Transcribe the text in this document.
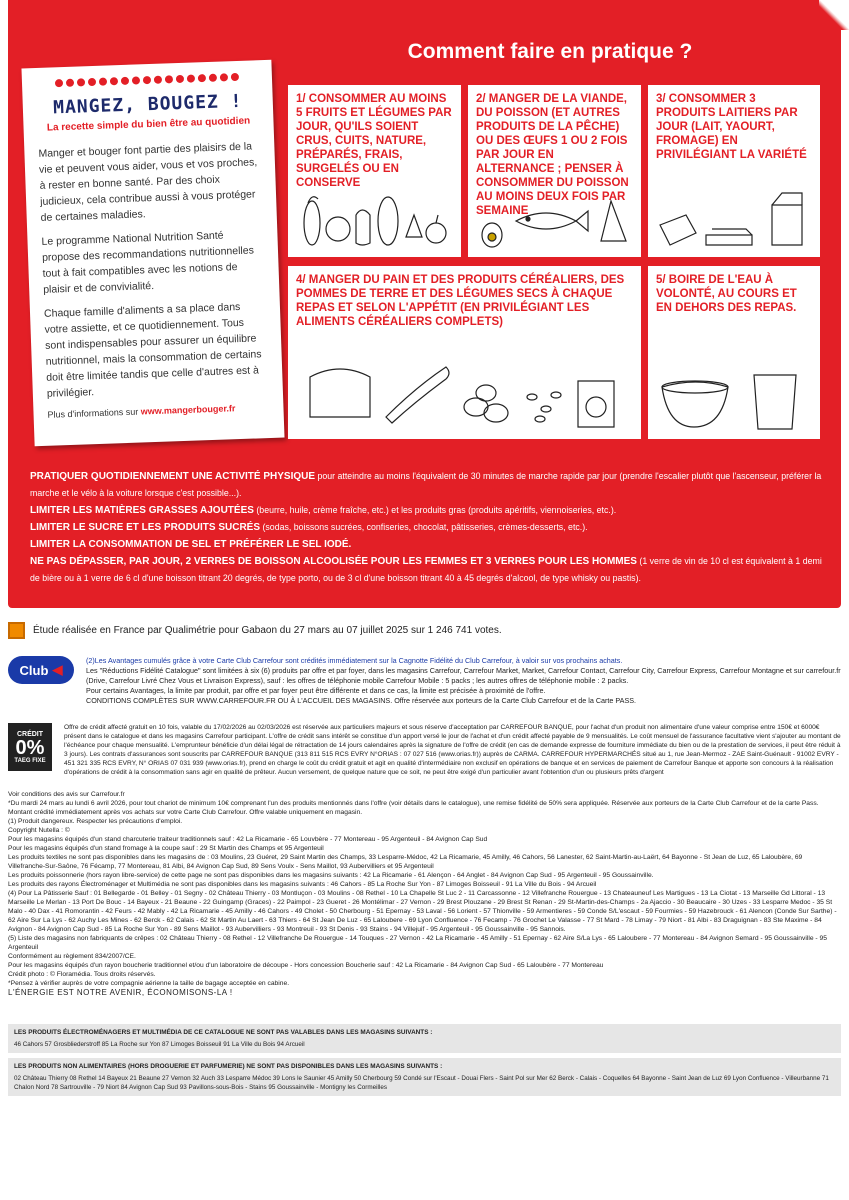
Comment faire en pratique ?
MANGEZ, BOUGEZ !
La recette simple du bien être au quotidien

Manger et bouger font partie des plaisirs de la vie et peuvent vous aider, vous et vos proches, à rester en bonne santé. Par des choix judicieux, cela contribue aussi à vous protéger de certaines maladies.

Le programme National Nutrition Santé propose des recommandations nutritionnelles tout à fait compatibles avec les notions de plaisir et de convivialité.

Chaque famille d'aliments a sa place dans votre assiette, et ce quotidiennement. Tous sont indispensables pour assurer un équilibre nutritionnel, mais la consommation de certains doit être limitée tandis que celle d'autres est à privilégier.

Plus d'informations sur www.mangerbouger.fr
1/ CONSOMMER AU MOINS 5 FRUITS ET LÉGUMES PAR JOUR, QU'ILS SOIENT CRUS, CUITS, NATURE, PRÉPARÉS, FRAIS, SURGELÉS OU EN CONSERVE
2/ MANGER DE LA VIANDE, DU POISSON (ET AUTRES PRODUITS DE LA PÊCHE) OU DES ŒUFS 1 OU 2 FOIS PAR JOUR EN ALTERNANCE ; PENSER À CONSOMMER DU POISSON AU MOINS DEUX FOIS PAR SEMAINE
3/ CONSOMMER 3 PRODUITS LAITIERS PAR JOUR (LAIT, YAOURT, FROMAGE) EN PRIVILÉGIANT LA VARIÉTÉ
4/ MANGER DU PAIN ET DES PRODUITS CÉRÉALIERS, DES POMMES DE TERRE ET DES LÉGUMES SECS À CHAQUE REPAS ET SELON L'APPÉTIT (EN PRIVILÉGIANT LES ALIMENTS CÉRÉALIERS COMPLETS)
5/ BOIRE DE L'EAU À VOLONTÉ, AU COURS ET EN DEHORS DES REPAS.
PRATIQUER QUOTIDIENNEMENT UNE ACTIVITÉ PHYSIQUE pour atteindre au moins l'équivalent de 30 minutes de marche rapide par jour (prendre l'escalier plutôt que l'ascenseur, préférer la marche et le vélo à la voiture lorsque c'est possible...).
LIMITER LES MATIÈRES GRASSES AJOUTÉES (beurre, huile, crème fraîche, etc.) et les produits gras (produits apéritifs, viennoiseries, etc.).
LIMITER LE SUCRE ET LES PRODUITS SUCRÉS (sodas, boissons sucrées, confiseries, chocolat, pâtisseries, crèmes-desserts, etc.).
LIMITER LA CONSOMMATION DE SEL ET PRÉFÉRER LE SEL IODÉ.
NE PAS DÉPASSER, PAR JOUR, 2 VERRES DE BOISSON ALCOOLISÉE POUR LES FEMMES ET 3 VERRES POUR LES HOMMES (1 verre de vin de 10 cl est équivalent à 1 demi de bière ou à 1 verre de 6 cl d'une boisson titrant 20 degrés, de type porto, ou de 3 cl d'une boisson titrant 40 à 45 degrés d'alcool, de type whisky ou pastis).
Étude réalisée en France par Qualimétrie pour Gabaon du 27 mars au 07 juillet 2025 sur 1 246 741 votes.
Club ◀
(2)Les Avantages cumulés grâce à votre Carte Club Carrefour sont crédités immédiatement sur la Cagnotte Fidélité du Club Carrefour, à valoir sur vos prochains achats.
Les "Réductions Fidélité Catalogue" sont limitées à six (6) produits par offre et par foyer, dans les magasins Carrefour, Carrefour Market, Market, Carrefour Contact, Carrefour City, Carrefour Express, Carrefour Montagne et sur carrefour.fr (Drive, Carrefour Livré Chez Vous et Livraison Express), sauf : les offres de téléphonie mobile Carrefour Mobile : 5 packs ; les autres offres de téléphonie mobile : 2 packs.
Pour certains Avantages, la limite par produit, par offre et par foyer peut être différente et dans ce cas, la limite est précisée à proximité de l'offre.
CONDITIONS COMPLÈTES SUR WWW.CARREFOUR.FR OU À L'ACCUEIL DES MAGASINS. Offre réservée aux porteurs de la Carte Club Carrefour et de la Carte PASS.
CRÉDIT
0%
TAEG FIXE
Offre de crédit affecté gratuit en 10 fois, valable du 17/02/2026 au 02/03/2026 est réservée aux particuliers majeurs et sous réserve d'acceptation par CARREFOUR BANQUE, pour l'achat d'un produit non alimentaire d'une valeur comprise entre 150€ et 6000€ présent dans le catalogue et dans les magasins Carrefour participant. L'offre de crédit sans intérêt se constitue d'un apport versé le jour de l'achat et d'un crédit affecté payable de 9 mensualités. Le coût mensuel de l'assurance facultative vient s'ajouter au montant de l'échéance pour chaque mensualité. L'emprunteur bénéficie d'un délai légal de rétractation de 14 jours calendaires après la signature de l'offre de crédit (en cas de demande expresse de fourniture immédiate du bien ou de la prestation de services, il peut être réduit à 3 jours). Les contrats d'assurances sont souscrits par CARREFOUR BANQUE (313 811 515 RCS EVRY N°ORIAS : 07 027 516 (www.orias.fr)) auprès de CARMA. CARREFOUR HYPERMARCHÉS situé au 1, rue Jean-Mermoz - ZAE Saint-Guénault - 91002 EVRY - 451 321 335 RCS EVRY, N° ORIAS 07 031 939 (www.orias.fr), prend en charge le coût du crédit gratuit et agit en qualité d'intermédiaire non exclusif en opérations de banque et en services de paiement de Carrefour Banque et apporte son concours à la réalisation d'opérations de crédit à la consommation sans agir en qualité de prêteur. Aucun versement, de quelque nature que ce soit, ne peut être exigé d'un particulier avant l'obtention d'un ou plusieurs prêts d'argent
Voir conditions des avis sur Carrefour.fr
*Du mardi 24 mars au lundi 6 avril 2026, pour tout chariot de minimum 10€ comprenant l'un des produits mentionnés dans l'offre (voir détails dans le catalogue), une remise fidélité de 50% sera appliquée. Réservée aux porteurs de la Carte Club Carrefour et de la carte Pass. Montant crédité immédiatement après vos achats sur votre Carte Club Carrefour. Offre valable uniquement en magasin.
(1) Produit dangereux. Respecter les précautions d'emploi.
Copyright Nutella : ©
Pour les magasins équipés d'un stand charcuterie traiteur traditionnels sauf : 42 La Ricamarie - 65 Louvbère - 77 Montereau - 95 Argenteuil - 84 Avignon Cap Sud
Pour les magasins équipés d'un stand fromage à la coupe sauf : 29 St Martin des Champs et 95 Argenteuil
Les produits textiles ne sont pas disponibles dans les magasins de : 03 Moulins, 23 Guéret, 29 Saint Martin des Champs, 33 Lesparre-Médoc, 42 La Ricamarie, 45 Amilly, 46 Cahors, 56 Lanester, 62 Saint-Martin-au-Laërt, 64 Bayonne - St Jean de Luz, 65 Laloubère, 69 Villefranche-Sur-Saône, 76 Fécamp, 77 Montereau, 81 Albi, 84 Avignon Cap Sud, 89 Sens Voulx - Sens Maillot, 93 Aubervilliers et 95 Argenteuil
Les produits poissonnerie (hors rayon libre-service) de cette page ne sont pas disponibles dans les magasins suivants : 42 La Ricamarie - 61 Alençon - 64 Anglet - 84 Avignon Cap Sud - 95 Argenteuil - 95 Goussainville.
Les produits des rayons Électroménager et Multimédia ne sont pas disponibles dans les magasins suivants : 46 Cahors - 85 La Roche Sur Yon - 87 Limoges Boisseuil - 91 La Ville du Bois - 94 Arcueil
(4) Pour La Pâtisserie Sauf : 01 Bellegarde - 01 Belley - 01 Segny - 02 Château Thierry - 03 Montluçon - 03 Moulins - 08 Rethel - 10 La Chapelle St Luc 2 - 11 Carcassonne - 12 Villefranche Rouergue - 13 Chateauneuf Les Martigues - 13 La Ciotat - 13 Marseille Gd Littoral - 13 Marseille Le Merlan - 13 Port De Bouc - 14 Bayeux - 21 Beaune - 22 Guingamp (Graces) - 22 Paimpol - 23 Gueret - 26 Montélimar - 27 Vernon - 29 Brest Plouzane - 29 Brest St Renan - 29 St-Martin-des-Champs - 2a Ajaccio - 30 Beaucaire - 30 Uzes - 33 Lesparre Medoc - 35 St Malo - 40 Dax - 41 Romorantin - 42 Feurs - 42 Mably - 42 La Ricamarie - 45 Amilly - 46 Cahors - 49 Cholet - 50 Cherbourg - 51 Epernay - 53 Laval - 56 Lorient - 57 Thionville - 59 Armentieres - 59 Conde S/L'escaut - 59 Fourmies - 59 Hazebrouck - 61 Alencon (Conde Sur Sarthe) - 62 Aire Sur La Lys - 62 Auchy Les Mines - 62 Berck - 62 Calais - 62 St Martin Au Laert - 63 Thiers - 64 St Jean De Luz - 65 Laloubere - 69 Lyon Confluence - 76 Fecamp - 76 Grochet Le Valasse - 77 St Mard - 78 Limay - 79 Niort - 81 Albi - 83 Draguignan - 83 Ste Maxime - 84 Avignon - 84 Avignon Cap Sud - 85 La Roche Sur Yon - 89 Sens Maillot - 93 Aubervilliers - 93 Montreuil - 93 St Denis - 93 Stains - 94 Villejuif - 95 Argenteuil - 95 Goussainville - 95 Sannois.
(5) Liste des magasins non fabriquants de crêpes : 02 Château Thierry - 08 Rethel - 12 Villefranche De Rouergue - 14 Touques - 27 Vernon - 42 La Ricamarie - 45 Amilly - 51 Epernay - 62 Aire S/La Lys - 65 Laloubere - 77 Montereau - 84 Avignon Semard - 95 Goussainville - 95 Argenteuil
Conformément au règlement 834/2007/CE.
Pour les magasins équipés d'un rayon boucherie traditionnel et/ou d'un laboratoire de découpe - Hors concession Boucherie sauf : 42 La Ricamarie - 84 Avignon Cap Sud - 65 Laloubère - 77 Montereau
Crédit photo : © Floramédia. Tous droits réservés.
*Pensez à vérifier auprès de votre compagnie aérienne la taille de bagage acceptée en cabine.
L'ÉNERGIE EST NOTRE AVENIR, ÉCONOMISONS-LA !
LES PRODUITS ÉLECTROMÉNAGERS ET MULTIMÉDIA DE CE CATALOGUE NE SONT PAS VALABLES DANS LES MAGASINS SUIVANTS :
46 Cahors 57 Grosbliederstroff 85 La Roche sur Yon 87 Limoges Boisseuil 91 La Ville du Bois 94 Arcueil
LES PRODUITS NON ALIMENTAIRES (HORS DROGUERIE ET PARFUMERIE) NE SONT PAS DISPONIBLES DANS LES MAGASINS SUIVANTS :
02 Château Thierry 08 Rethel 14 Bayeux 21 Beaune 27 Vernon 32 Auch 33 Lesparre Médoc 39 Lons le Saunier 45 Amilly 50 Cherbourg 59 Condé sur l'Escaut - Douai Flers - Saint Pol sur Mer 62 Berck - Calais - Coquelles 64 Bayonne - Saint Jean de Luz 69 Lyon Confluence - Villeurbanne 71 Chalon Nord 78 Sartrouville - 79 Niort 84 Avignon Cap Sud 93 Pavillons-sous-Bois - Stains 95 Goussainville - Montigny les Cormeilles
